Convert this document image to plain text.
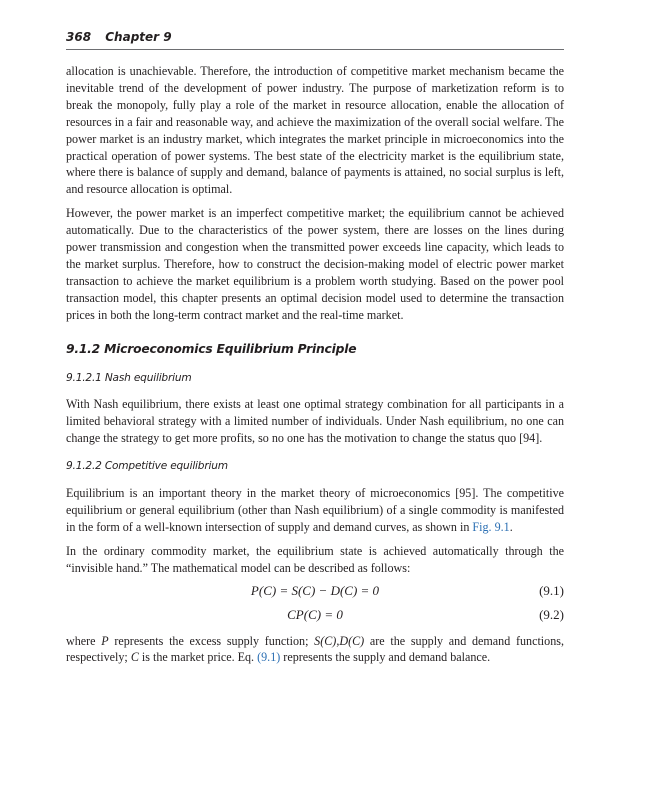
368 Chapter 9

allocation is unachievable. Therefore, the introduction of competitive market mechanism became the inevitable trend of the development of power industry. The purpose of marketization reform is to break the monopoly, fully play a role of the market in resource allocation, enable the allocation of resources in a fair and reasonable way, and achieve the maximization of the overall social welfare. The power market is an industry market, which integrates the market principle in microeconomics into the practical operation of power systems. The best state of the electricity market is the equilibrium state, where there is balance of supply and demand, balance of payments is attained, no social surplus is left, and resource allocation is optimal.

However, the power market is an imperfect competitive market; the equilibrium cannot be achieved automatically. Due to the characteristics of the power system, there are losses on the lines during power transmission and congestion when the transmitted power exceeds line capacity, which leads to the market surplus. Therefore, how to construct the decision-making model of electric power market transaction to achieve the market equilibrium is a problem worth studying. Based on the power pool transaction model, this chapter presents an optimal decision model used to determine the transaction prices in both the long-term contract market and the real-time market.

9.1.2 Microeconomics Equilibrium Principle
9.1.2.1 Nash equilibrium

With Nash equilibrium, there exists at least one optimal strategy combination for all participants in a limited behavioral strategy with a limited number of individuals. Under Nash equilibrium, no one can change the strategy to get more profits, so no one has the motivation to change the status quo [94].

9.1.2.2 Competitive equilibrium

Equilibrium is an important theory in the market theory of microeconomics [95]. The competitive equilibrium or general equilibrium (other than Nash equilibrium) of a single commodity is manifested in the form of a well-known intersection of supply and demand curves, as shown in Fig. 9.1.

In the ordinary commodity market, the equilibrium state is achieved automatically through the “invisible hand.” The mathematical model can be described as follows:

P(C) = S(C) − D(C) = 0	(9.1)
CP(C) = 0	(9.2)

where P represents the excess supply function; S(C),D(C) are the supply and demand functions, respectively; C is the market price. Eq. (9.1) represents the supply and demand balance.
